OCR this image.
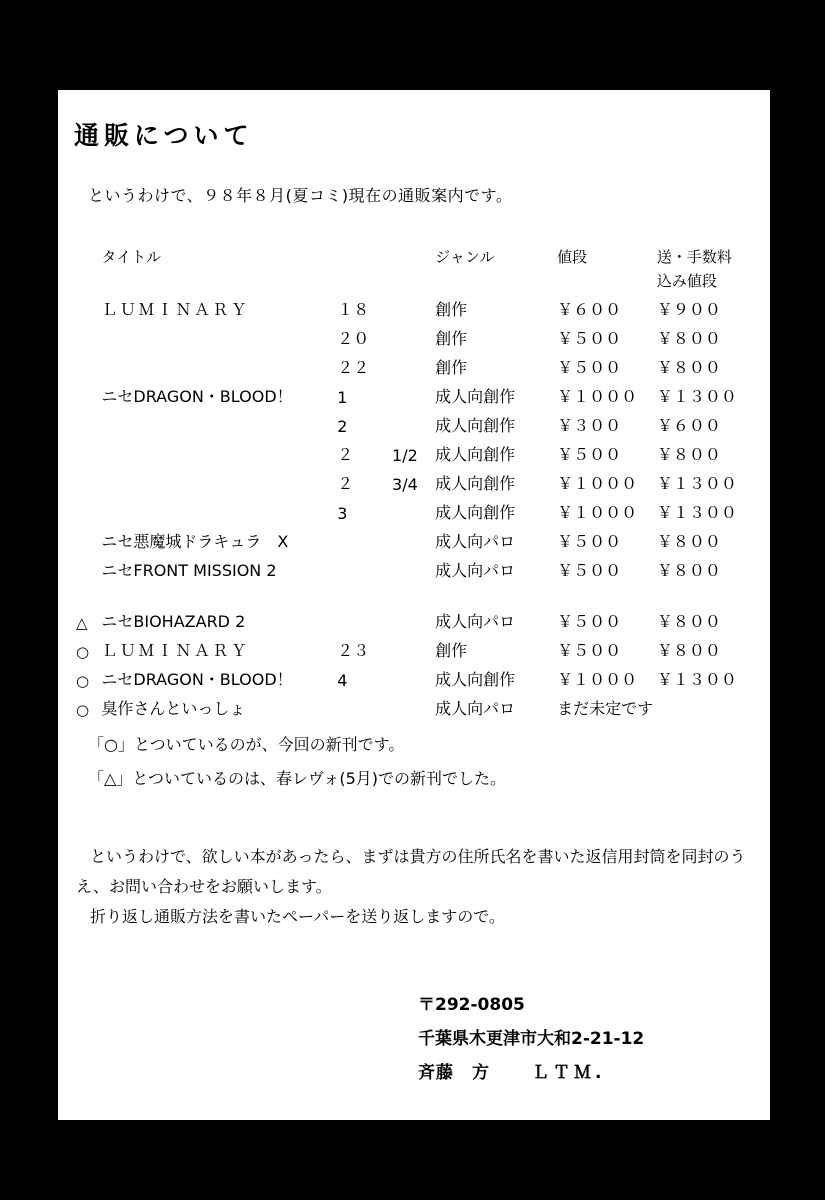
通販について
というわけで、９８年８月(夏コミ)現在の通販案内です。
	タイトル			ジャンル	値段	送・手数料
						込み値段
	ＬＵＭＩＮＡＲＹ	１８		創作	￥６００	￥９００
		２０		創作	￥５００	￥８００
		２２		創作	￥５００	￥８００
	ニセDRAGON・BLOOD！	1		成人向創作	￥１０００	￥１３００
		2		成人向創作	￥３００	￥６００
		２	1/2	成人向創作	￥５００	￥８００
		２	3/4	成人向創作	￥１０００	￥１３００
		3		成人向創作	￥１０００	￥１３００
	ニセ悪魔城ドラキュラ　X			成人向パロ	￥５００	￥８００
	ニセFRONT MISSION 2			成人向パロ	￥５００	￥８００

△	ニセBIOHAZARD 2			成人向パロ	￥５００	￥８００
○	ＬＵＭＩＮＡＲＹ	２３		創作	￥５００	￥８００
○	ニセDRAGON・BLOOD！	4		成人向創作	￥１０００	￥１３００
○	臭作さんといっしょ			成人向パロ	まだ未定です	
「○」とついているのが、今回の新刊です。
「△」とついているのは、春レヴォ(5月)での新刊でした。
というわけで、欲しい本があったら、まずは貴方の住所氏名を書いた返信用封筒を同封のうえ、お問い合わせをお願いします。
折り返し通販方法を書いたペーパーを送り返しますので。
〒292-0805
千葉県木更津市大和2-21-12
斉藤　方 ＬＴＭ.
